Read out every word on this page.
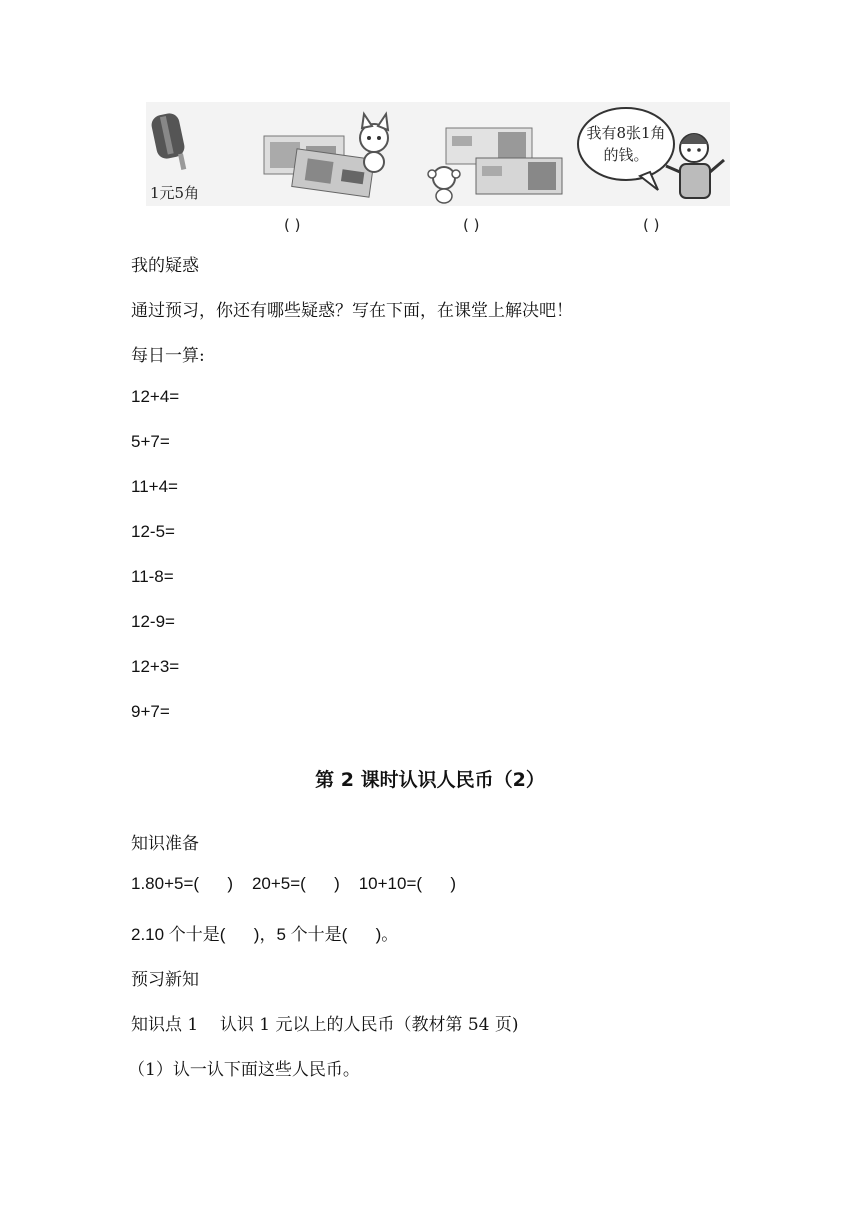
1元5角
我有8张1角的钱。
( )	( )	( )
我的疑惑
通过预习，你还有哪些疑惑？写在下面，在课堂上解决吧！
每日一算:
12+4=
5+7=
11+4=
12-5=
11-8=
12-9=
12+3=
9+7=
第 2 课时认识人民币（2）
知识准备
1.80+5=(      )    20+5=(      )    10+10=(      )
2.10 个十是(      )，5 个十是(      )。
预习新知
知识点 1    认识 1 元以上的人民币（教材第 54 页)
（1）认一认下面这些人民币。
